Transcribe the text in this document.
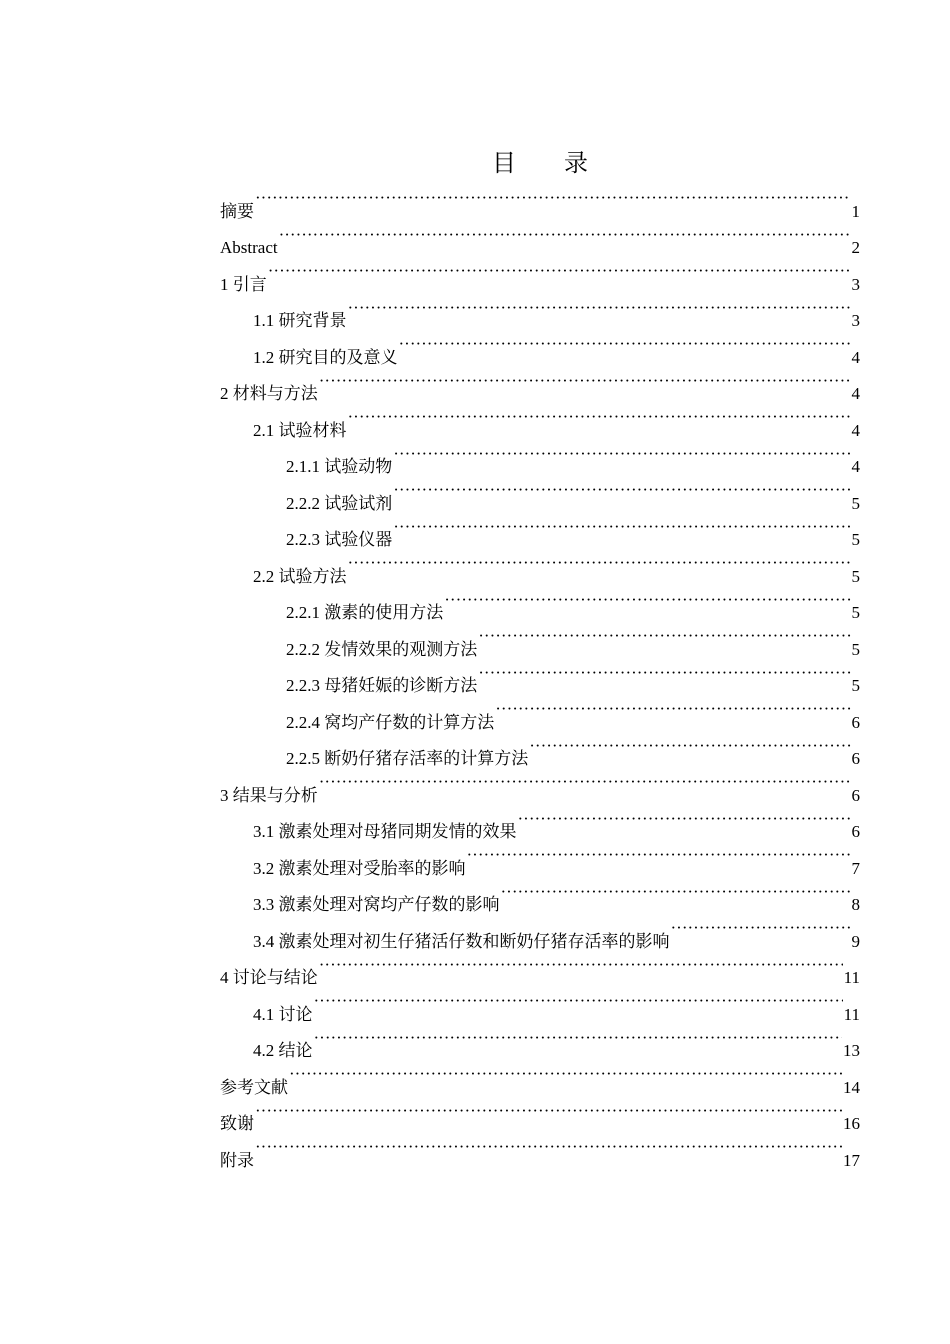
目录
摘要 ·····	1
Abstract ·····	2
1 引言 ·····	3
1.1 研究背景 ·····	3
1.2 研究目的及意义 ·····	4
2 材料与方法 ·····	4
2.1 试验材料 ·····	4
2.1.1 试验动物 ·····	4
2.2.2 试验试剂 ·····	5
2.2.3 试验仪器 ·····	5
2.2 试验方法 ·····	5
2.2.1 激素的使用方法 ·····	5
2.2.2 发情效果的观测方法 ·····	5
2.2.3 母猪妊娠的诊断方法 ·····	5
2.2.4 窝均产仔数的计算方法 ·····	6
2.2.5 断奶仔猪存活率的计算方法 ·····	6
3 结果与分析 ·····	6
3.1 激素处理对母猪同期发情的效果 ·····	6
3.2 激素处理对受胎率的影响 ·····	7
3.3 激素处理对窝均产仔数的影响 ·····	8
3.4 激素处理对初生仔猪活仔数和断奶仔猪存活率的影响 ·····	9
4 讨论与结论 ·····	11
4.1 讨论 ·····	11
4.2 结论 ·····	13
参考文献 ·····	14
致谢 ·····	16
附录 ·····	17
